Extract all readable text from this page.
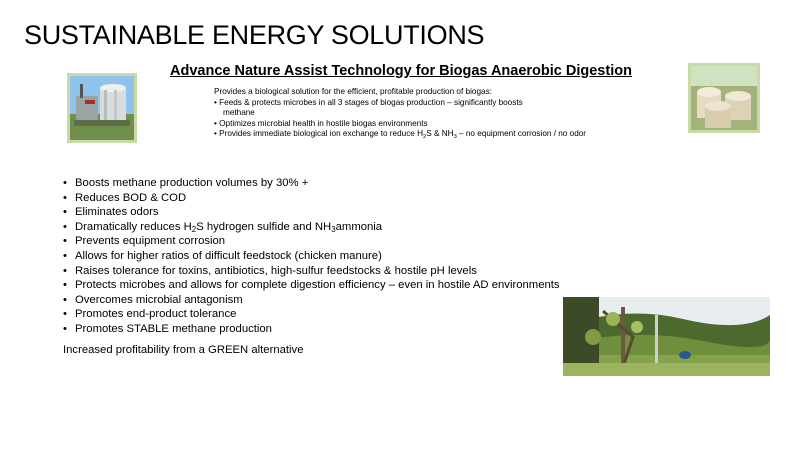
SUSTAINABLE ENERGY SOLUTIONS
Advance Nature Assist Technology for Biogas Anaerobic Digestion
Provides a biological solution for the efficient, profitable production of biogas:
• Feeds & protects microbes in all 3 stages of biogas production – significantly boosts
methane
• Optimizes microbial health in hostile biogas environments
• Provides immediate biological ion exchange to reduce $H_2S$ & $NH_3$ – no equipment corrosion / no odor
• Boosts methane production volumes by 30% +
• Reduces BOD & COD
• Eliminates odors
• Dramatically reduces $H_2S$ hydrogen sulfide and $NH_3ammonia$
• Prevents equipment corrosion
• Allows for higher ratios of difficult feedstock (chicken manure)
• Raises tolerance for toxins, antibiotics, high-sulfur feedstocks & hostile pH levels
• Protects microbes and allows for complete digestion efficiency – even in hostile AD environments
• Overcomes microbial antagonism
• Promotes end-product tolerance
• Promotes STABLE methane production
Increased profitability from a GREEN alternative
